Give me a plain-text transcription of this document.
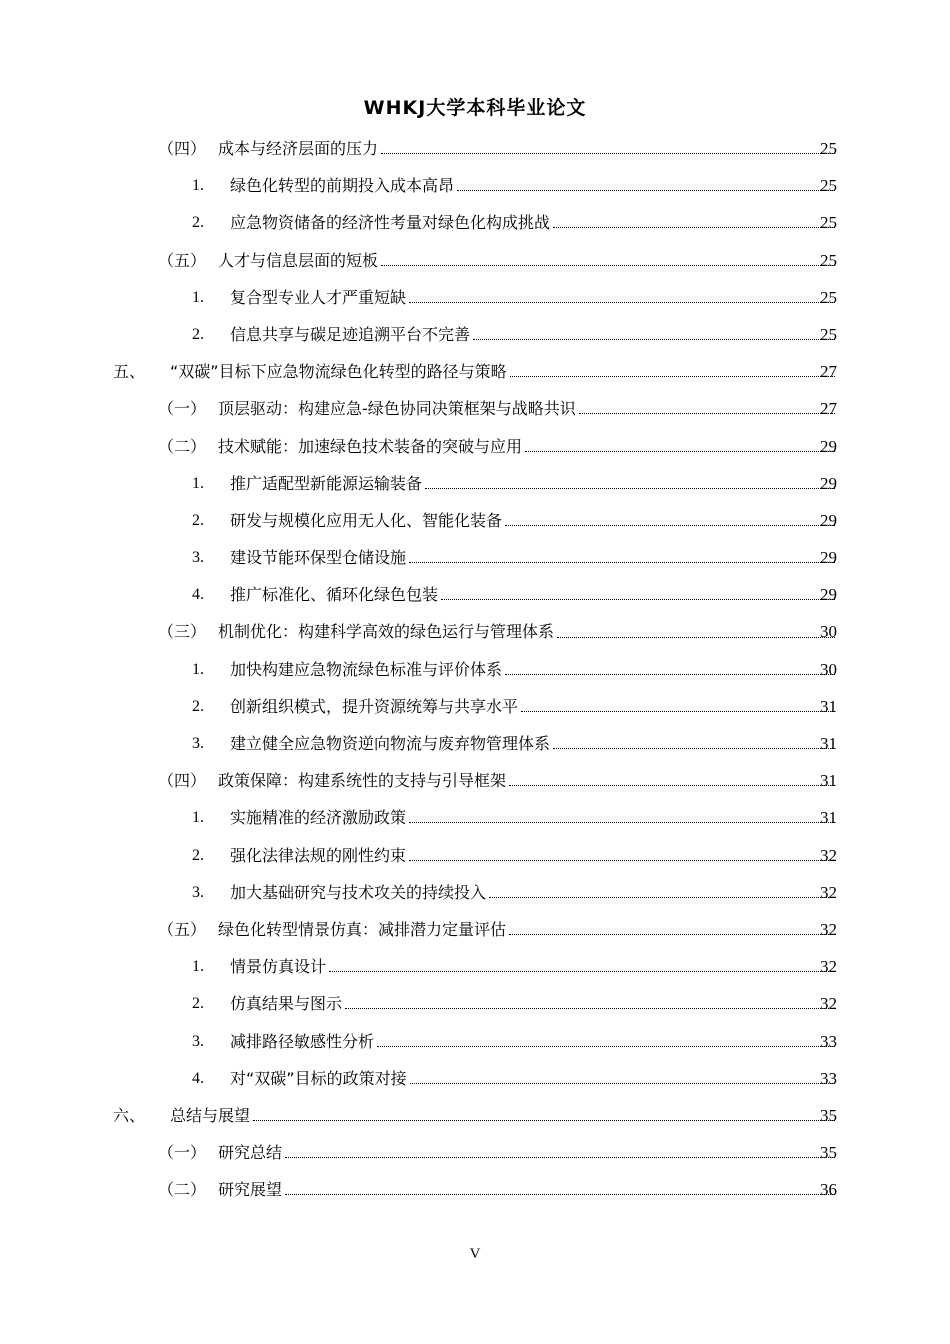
WHKJ大学本科毕业论文
（四） 成本与经济层面的压力	25
1. 绿色化转型的前期投入成本高昂	25
2. 应急物资储备的经济性考量对绿色化构成挑战	25
（五） 人才与信息层面的短板	25
1. 复合型专业人才严重短缺	25
2. 信息共享与碳足迹追溯平台不完善	25
五、 “双碳”目标下应急物流绿色化转型的路径与策略	27
（一） 顶层驱动：构建应急-绿色协同决策框架与战略共识	27
（二） 技术赋能：加速绿色技术装备的突破与应用	29
1. 推广适配型新能源运输装备	29
2. 研发与规模化应用无人化、智能化装备	29
3. 建设节能环保型仓储设施	29
4. 推广标准化、循环化绿色包装	29
（三） 机制优化：构建科学高效的绿色运行与管理体系	30
1. 加快构建应急物流绿色标准与评价体系	30
2. 创新组织模式，提升资源统筹与共享水平	31
3. 建立健全应急物资逆向物流与废弃物管理体系	31
（四） 政策保障：构建系统性的支持与引导框架	31
1. 实施精准的经济激励政策	31
2. 强化法律法规的刚性约束	32
3. 加大基础研究与技术攻关的持续投入	32
（五） 绿色化转型情景仿真：减排潜力定量评估	32
1. 情景仿真设计	32
2. 仿真结果与图示	32
3. 减排路径敏感性分析	33
4. 对“双碳”目标的政策对接	33
六、 总结与展望	35
（一） 研究总结	35
（二） 研究展望	36
V
